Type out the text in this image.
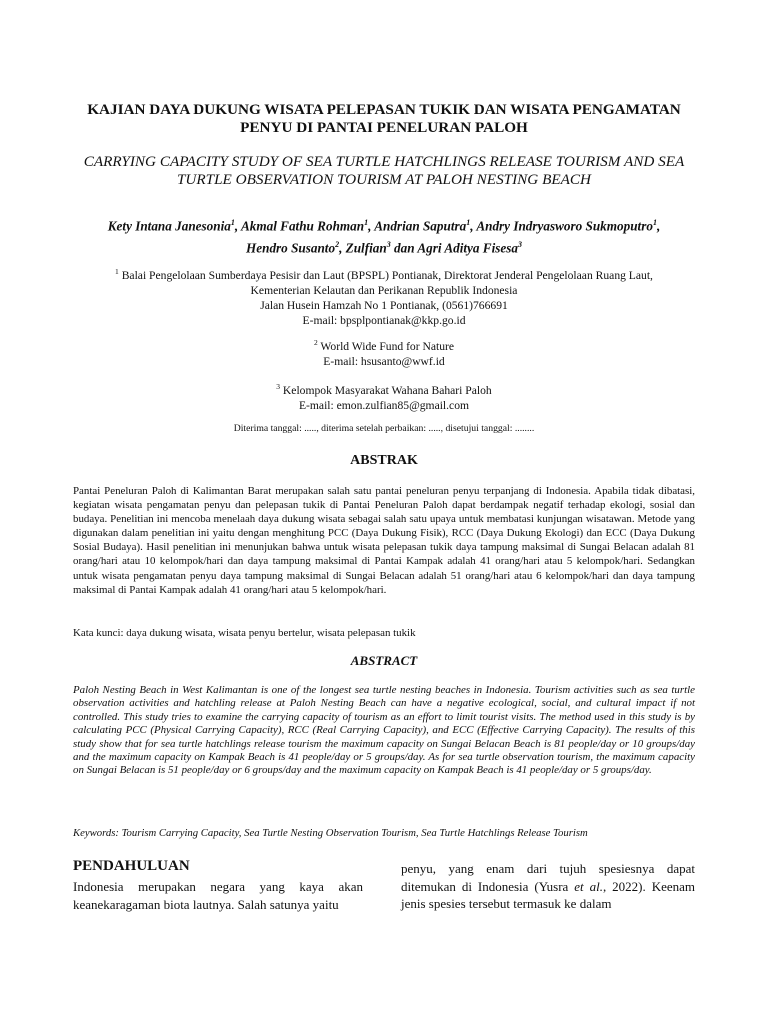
KAJIAN DAYA DUKUNG WISATA PELEPASAN TUKIK DAN WISATA PENGAMATAN PENYU DI PANTAI PENELURAN PALOH
CARRYING CAPACITY STUDY OF SEA TURTLE HATCHLINGS RELEASE TOURISM AND SEA TURTLE OBSERVATION TOURISM AT PALOH NESTING BEACH
Kety Intana Janesonia$^1$, Akmal Fathu Rohman$^1$, Andrian Saputra$^1$, Andry Indryasworo Sukmoputro$^1$,
Hendro Susanto$^2$, Zulfian$^3$ dan Agri Aditya Fisesa$^3$
$^1$ Balai Pengelolaan Sumberdaya Pesisir dan Laut (BPSPL) Pontianak, Direktorat Jenderal Pengelolaan Ruang Laut,
Kementerian Kelautan dan Perikanan Republik Indonesia
Jalan Husein Hamzah No 1 Pontianak, (0561)766691
E-mail: bpsplpontianak@kkp.go.id
$^2$ World Wide Fund for Nature
E-mail: hsusanto@wwf.id
$^3$ Kelompok Masyarakat Wahana Bahari Paloh
E-mail: emon.zulfian85@gmail.com
Diterima tanggal: ....., diterima setelah perbaikan: ....., disetujui tanggal: ........
ABSTRAK

Pantai Peneluran Paloh di Kalimantan Barat merupakan salah satu pantai peneluran penyu terpanjang di Indonesia. Apabila tidak dibatasi, kegiatan wisata pengamatan penyu dan pelepasan tukik di Pantai Peneluran Paloh dapat berdampak negatif terhadap ekologi, sosial dan budaya. Penelitian ini mencoba menelaah daya dukung wisata sebagai salah satu upaya untuk membatasi kunjungan wisatawan. Metode yang digunakan dalam penelitian ini yaitu dengan menghitung PCC (Daya Dukung Fisik), RCC (Daya Dukung Ekologi) dan ECC (Daya Dukung Sosial Budaya). Hasil penelitian ini menunjukan bahwa untuk wisata pelepasan tukik daya tampung maksimal di Sungai Belacan adalah 81 orang/hari atau 10 kelompok/hari dan daya tampung maksimal di Pantai Kampak adalah 41 orang/hari atau 5 kelompok/hari. Sedangkan untuk wisata pengamatan penyu daya tampung maksimal di Sungai Belacan adalah 51 orang/hari atau 6 kelompok/hari dan daya tampung maksimal di Pantai Kampak adalah 41 orang/hari atau 5 kelompok/hari.

Kata kunci: daya dukung wisata, wisata penyu bertelur, wisata pelepasan tukik

ABSTRACT

Paloh Nesting Beach in West Kalimantan is one of the longest sea turtle nesting beaches in Indonesia. Tourism activities such as sea turtle observation activities and hatchling release at Paloh Nesting Beach can have a negative ecological, social, and cultural impact if not controlled. This study tries to examine the carrying capacity of tourism as an effort to limit tourist visits. The method used in this study is by calculating PCC (Physical Carrying Capacity), RCC (Real Carrying Capacity), and ECC (Effective Carrying Capacity). The results of this study show that for sea turtle hatchlings release tourism the maximum capacity on Sungai Belacan Beach is 81 people/day or 10 groups/day and the maximum capacity on Kampak Beach is 41 people/day or 5 groups/day. As for sea turtle observation tourism, the maximum capacity on Sungai Belacan is 51 people/day or 6 groups/day and the maximum capacity on Kampak Beach is 41 people/day or 5 groups/day.

Keywords: Tourism Carrying Capacity, Sea Turtle Nesting Observation Tourism, Sea Turtle Hatchlings Release Tourism

PENDAHULUAN

Indonesia merupakan negara yang kaya akan keanekaragaman biota lautnya. Salah satunya yaitu

penyu, yang enam dari tujuh spesiesnya dapat ditemukan di Indonesia (Yusra et al., 2022). Keenam jenis spesies tersebut termasuk ke dalam
